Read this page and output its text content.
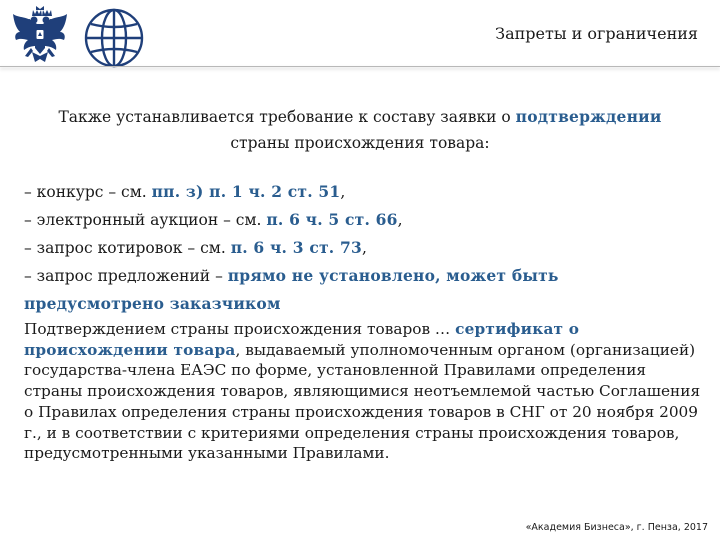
Запреты и ограничения

Также устанавливается требование к составу заявки о подтверждении
страны происхождения товара:

– конкурс – см. пп. з) п. 1 ч. 2 ст. 51,
– электронный аукцион – см. п. 6 ч. 5 ст. 66,
– запрос котировок – см. п. 6 ч. 3 ст. 73,
– запрос предложений – прямо не установлено, может быть предусмотрено заказчиком

Подтверждением страны происхождения товаров … сертификат о происхождении товара, выдаваемый уполномоченным органом (организацией) государства-члена ЕАЭС по форме, установленной Правилами определения страны происхождения товаров, являющимися неотъемлемой частью Соглашения о Правилах определения страны происхождения товаров в СНГ от 20 ноября 2009 г., и в соответствии с критериями определения страны происхождения товаров, предусмотренными указанными Правилами.

«Академия Бизнеса», г. Пенза, 2017
